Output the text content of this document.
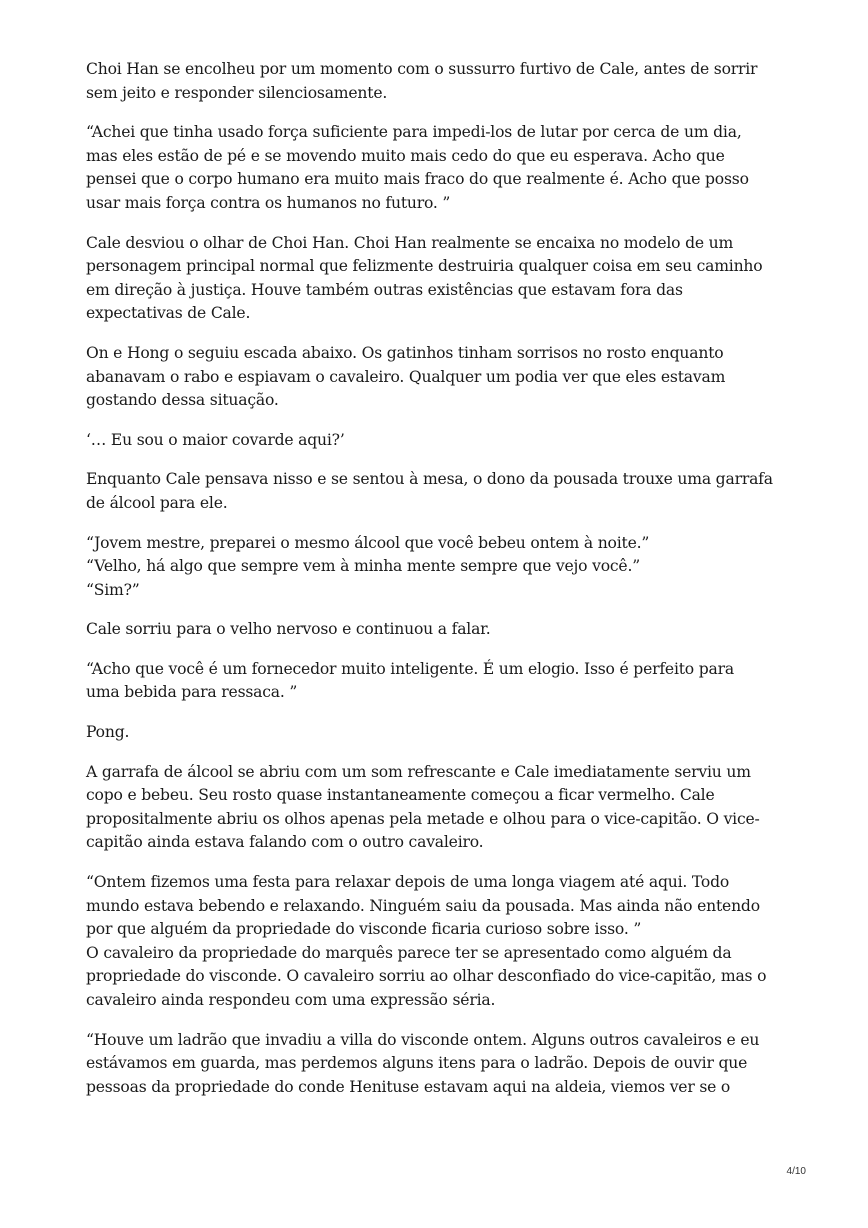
Choi Han se encolheu por um momento com o sussurro furtivo de Cale, antes de sorrir
sem jeito e responder silenciosamente.

“Achei que tinha usado força suficiente para impedi-los de lutar por cerca de um dia,
mas eles estão de pé e se movendo muito mais cedo do que eu esperava. Acho que
pensei que o corpo humano era muito mais fraco do que realmente é. Acho que posso
usar mais força contra os humanos no futuro. ”

Cale desviou o olhar de Choi Han. Choi Han realmente se encaixa no modelo de um
personagem principal normal que felizmente destruiria qualquer coisa em seu caminho
em direção à justiça. Houve também outras existências que estavam fora das
expectativas de Cale.

On e Hong o seguiu escada abaixo. Os gatinhos tinham sorrisos no rosto enquanto
abanavam o rabo e espiavam o cavaleiro. Qualquer um podia ver que eles estavam
gostando dessa situação.

‘… Eu sou o maior covarde aqui?’

Enquanto Cale pensava nisso e se sentou à mesa, o dono da pousada trouxe uma garrafa
de álcool para ele.

“Jovem mestre, preparei o mesmo álcool que você bebeu ontem à noite.”
“Velho, há algo que sempre vem à minha mente sempre que vejo você.”
“Sim?”

Cale sorriu para o velho nervoso e continuou a falar.

“Acho que você é um fornecedor muito inteligente. É um elogio. Isso é perfeito para
uma bebida para ressaca. ”

Pong.

A garrafa de álcool se abriu com um som refrescante e Cale imediatamente serviu um
copo e bebeu. Seu rosto quase instantaneamente começou a ficar vermelho. Cale
propositalmente abriu os olhos apenas pela metade e olhou para o vice-capitão. O vice-
capitão ainda estava falando com o outro cavaleiro.

“Ontem fizemos uma festa para relaxar depois de uma longa viagem até aqui. Todo
mundo estava bebendo e relaxando. Ninguém saiu da pousada. Mas ainda não entendo
por que alguém da propriedade do visconde ficaria curioso sobre isso. ”
O cavaleiro da propriedade do marquês parece ter se apresentado como alguém da
propriedade do visconde. O cavaleiro sorriu ao olhar desconfiado do vice-capitão, mas o
cavaleiro ainda respondeu com uma expressão séria.

“Houve um ladrão que invadiu a villa do visconde ontem. Alguns outros cavaleiros e eu
estávamos em guarda, mas perdemos alguns itens para o ladrão. Depois de ouvir que
pessoas da propriedade do conde Henituse estavam aqui na aldeia, viemos ver se o

4/10
